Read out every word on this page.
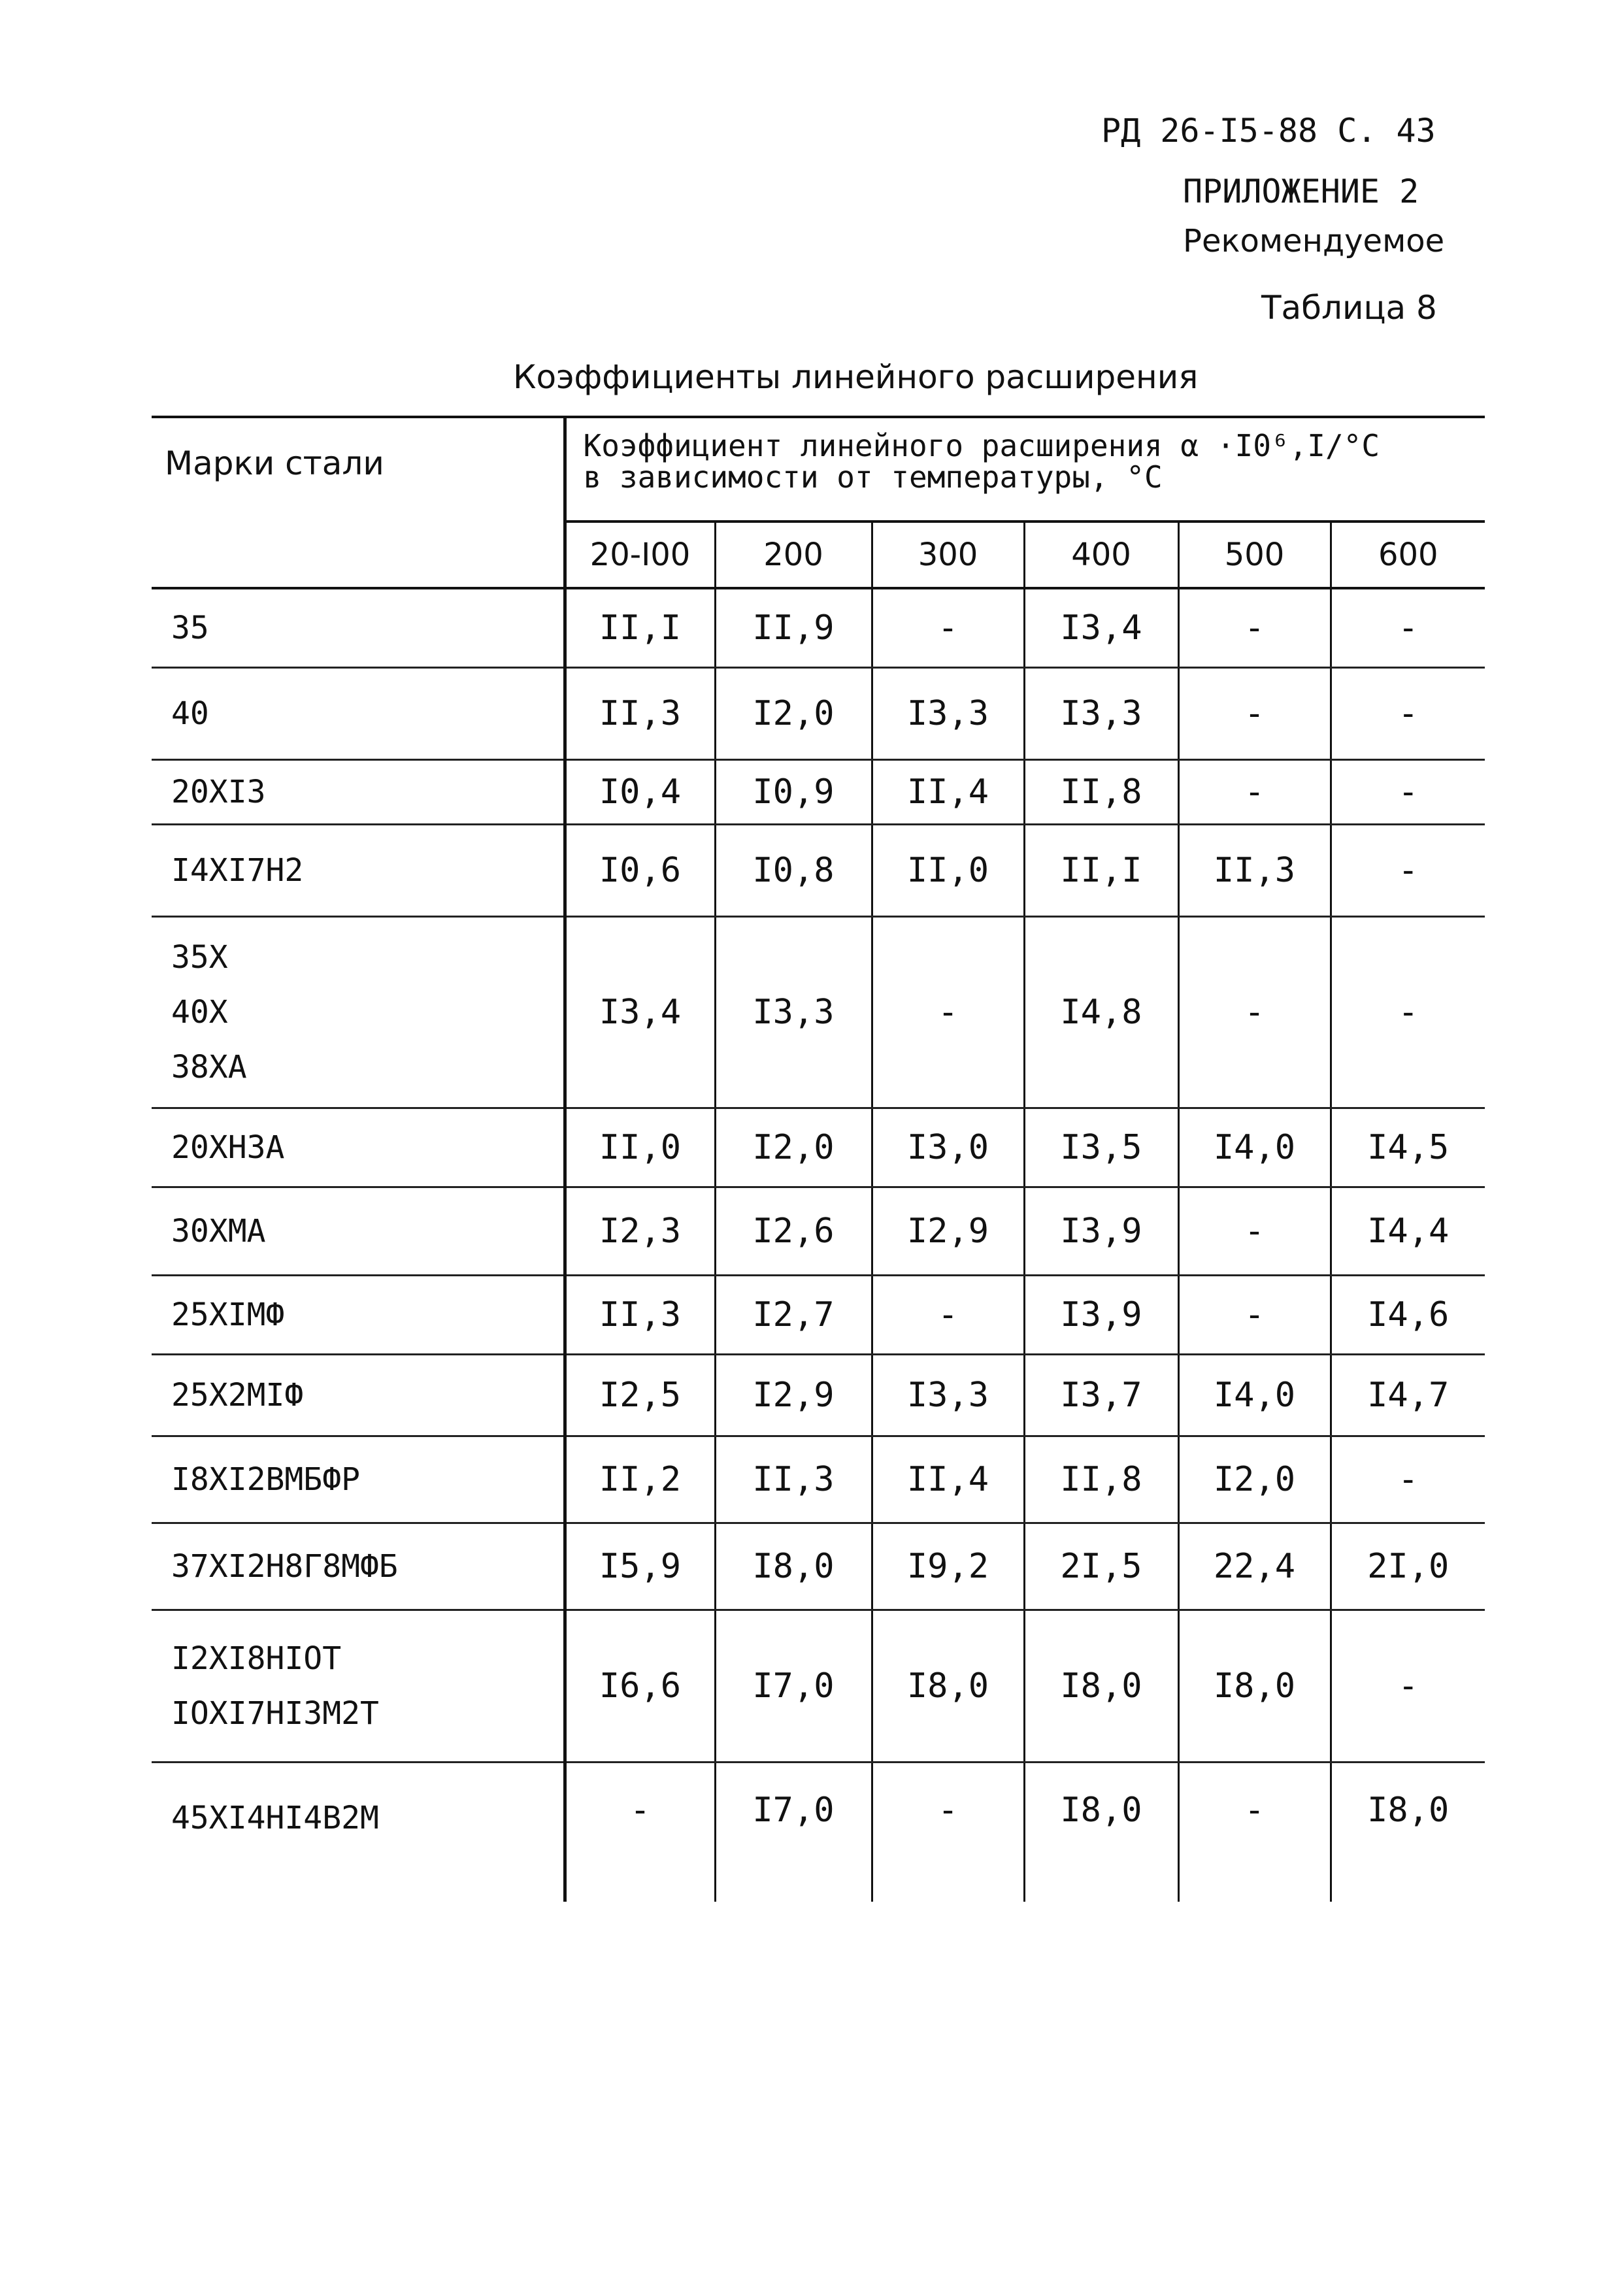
РД 26-I5-88 С. 43
ПРИЛОЖЕНИЕ 2
Рекомендуемое
Таблица 8
Коэффициенты линейного расширения
Марки стали	Коэффициент линейного расширения α ·I0⁶,I/°C
в зависимости от температуры, °C					

	20-I00	200	300	400	500	600

35	II,I	II,9	-	I3,4	-	-

40	II,3	I2,0	I3,3	I3,3	-	-

20XI3	I0,4	I0,9	II,4	II,8	-	-

I4XI7H2	I0,6	I0,8	II,0	II,I	II,3	-

35X
40X
38XA	I3,4	I3,3	-	I4,8	-	-

20XH3A	II,0	I2,0	I3,0	I3,5	I4,0	I4,5

30XMA	I2,3	I2,6	I2,9	I3,9	-	I4,4

25XIMФ	II,3	I2,7	-	I3,9	-	I4,6

25X2MIФ	I2,5	I2,9	I3,3	I3,7	I4,0	I4,7

I8XI2BMБФР	II,2	II,3	II,4	II,8	I2,0	-

37XI2H8Г8MФБ	I5,9	I8,0	I9,2	2I,5	22,4	2I,0

I2XI8HIOT
IOXI7HI3M2T	I6,6	I7,0	I8,0	I8,0	I8,0	-

45XI4HI4B2M	-	I7,0	-	I8,0	-	I8,0
